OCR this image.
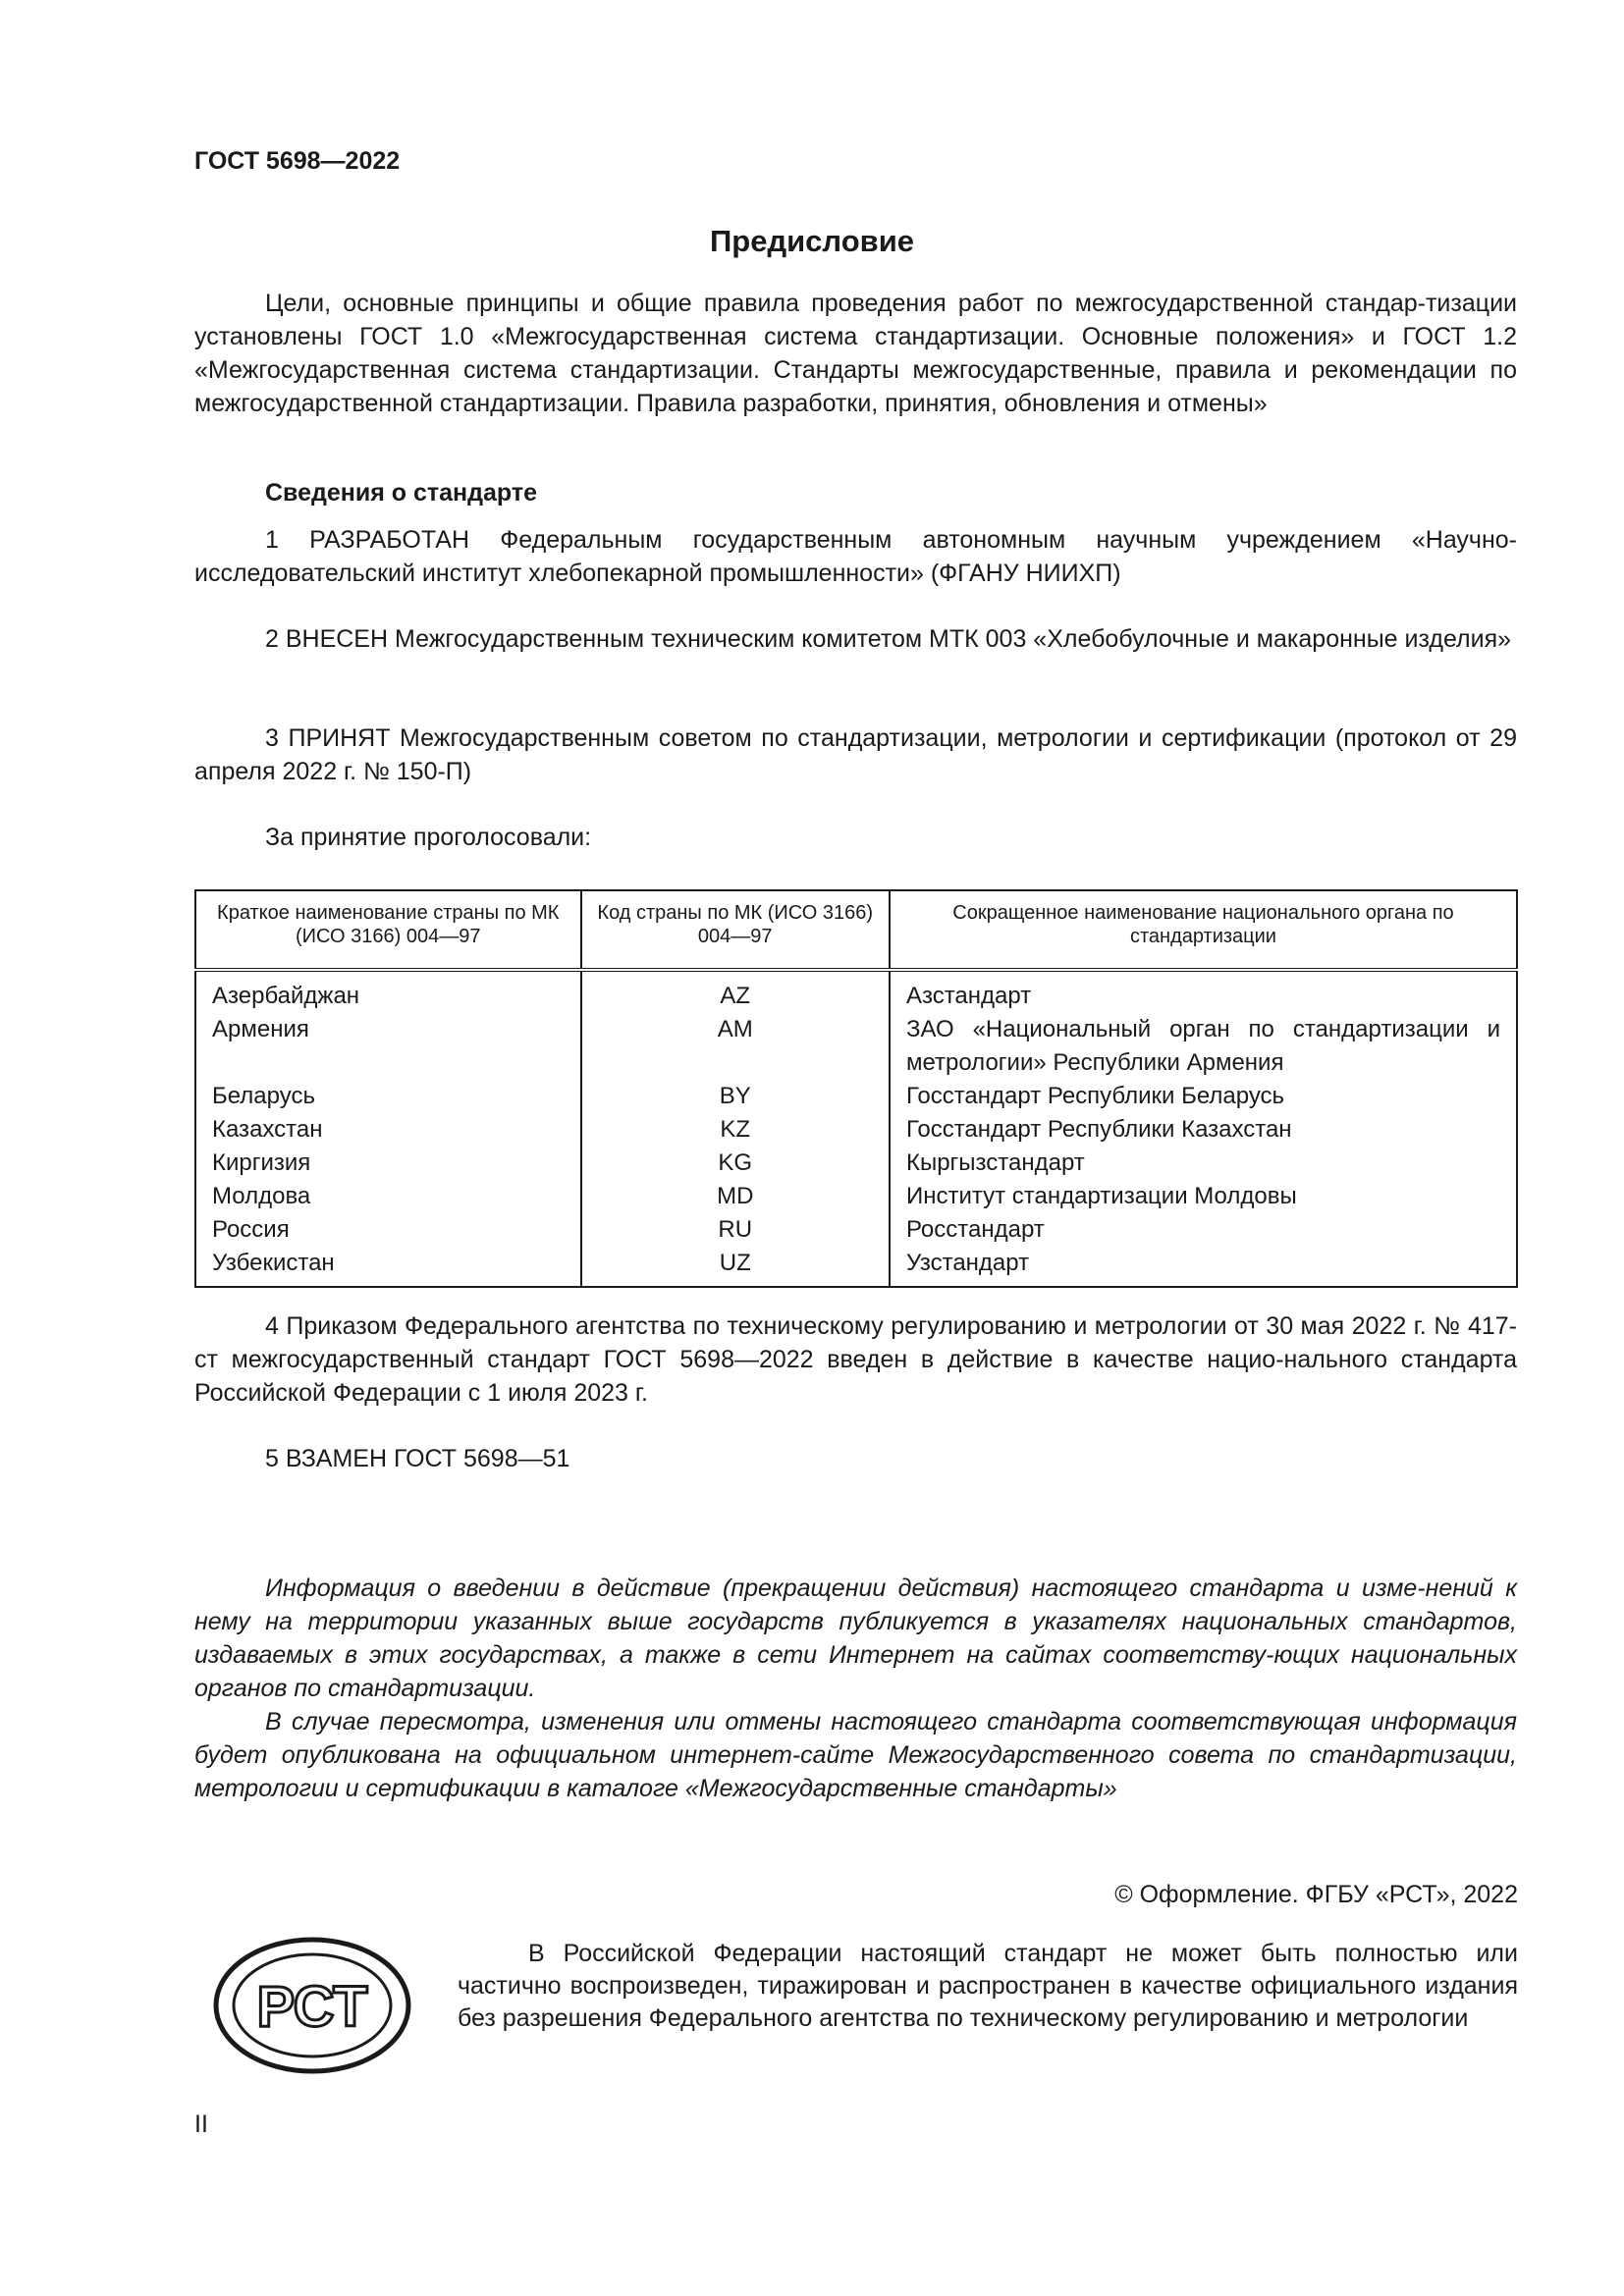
ГОСТ 5698—2022
Предисловие
Цели, основные принципы и общие правила проведения работ по межгосударственной стандар-тизации установлены ГОСТ 1.0 «Межгосударственная система стандартизации. Основные положения» и ГОСТ 1.2 «Межгосударственная система стандартизации. Стандарты межгосударственные, правила и рекомендации по межгосударственной стандартизации. Правила разработки, принятия, обновления и отмены»
Сведения о стандарте
1 РАЗРАБОТАН Федеральным государственным автономным научным учреждением «Научно-исследовательский институт хлебопекарной промышленности» (ФГАНУ НИИХП)
2 ВНЕСЕН Межгосударственным техническим комитетом МТК 003 «Хлебобулочные и макаронные изделия»
3 ПРИНЯТ Межгосударственным советом по стандартизации, метрологии и сертификации (протокол от 29 апреля 2022 г. № 150-П)
За принятие проголосовали:
Краткое наименование страны по МК (ИСО 3166) 004—97	Код страны по МК (ИСО 3166) 004—97	Сокращенное наименование национального органа по стандартизации
Азербайджан	AZ	Азстандарт
Армения	AM	ЗАО «Национальный орган по стандартизации и метрологии» Республики Армения
Беларусь	BY	Госстандарт Республики Беларусь
Казахстан	KZ	Госстандарт Республики Казахстан
Киргизия	KG	Кыргызстандарт
Молдова	MD	Институт стандартизации Молдовы
Россия	RU	Росстандарт
Узбекистан	UZ	Узстандарт
4 Приказом Федерального агентства по техническому регулированию и метрологии от 30 мая 2022 г. № 417-ст межгосударственный стандарт ГОСТ 5698—2022 введен в действие в качестве нацио-нального стандарта Российской Федерации с 1 июля 2023 г.
5 ВЗАМЕН ГОСТ 5698—51

Информация о введении в действие (прекращении действия) настоящего стандарта и изме-нений к нему на территории указанных выше государств публикуется в указателях национальных стандартов, издаваемых в этих государствах, а также в сети Интернет на сайтах соответству-ющих национальных органов по стандартизации.

В случае пересмотра, изменения или отмены настоящего стандарта соответствующая информация будет опубликована на официальном интернет-сайте Межгосударственного совета по стандартизации, метрологии и сертификации в каталоге «Межгосударственные стандарты»

© Оформление. ФГБУ «РСТ», 2022
РСТ
В Российской Федерации настоящий стандарт не может быть полностью или частично воспроизведен, тиражирован и распространен в качестве официального издания без разрешения Федерального агентства по техническому регулированию и метрологии
II
